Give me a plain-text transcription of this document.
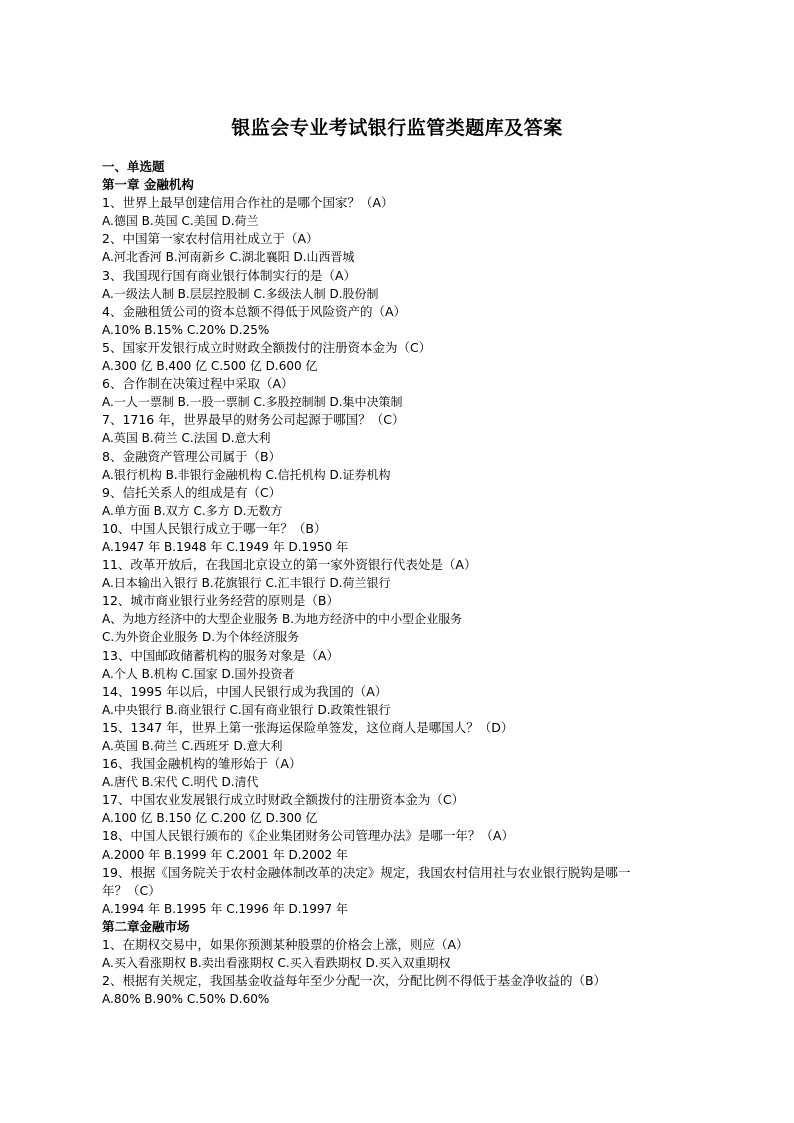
银监会专业考试银行监管类题库及答案
一、单选题
第一章 金融机构
1、世界上最早创建信用合作社的是哪个国家？（A）
A.德国 B.英国 C.美国 D.荷兰
2、中国第一家农村信用社成立于（A）
A.河北香河 B.河南新乡 C.湖北襄阳 D.山西晋城
3、我国现行国有商业银行体制实行的是（A）
A.一级法人制 B.层层控股制 C.多级法人制 D.股份制
4、金融租赁公司的资本总额不得低于风险资产的（A）
A.10% B.15% C.20% D.25%
5、国家开发银行成立时财政全额拨付的注册资本金为（C）
A.300 亿 B.400 亿 C.500 亿 D.600 亿
6、合作制在决策过程中采取（A）
A.一人一票制 B.一股一票制 C.多股控制制 D.集中决策制
7、1716 年，世界最早的财务公司起源于哪国？（C）
A.英国 B.荷兰 C.法国 D.意大利
8、金融资产管理公司属于（B）
A.银行机构 B.非银行金融机构 C.信托机构 D.证券机构
9、信托关系人的组成是有（C）
A.单方面 B.双方 C.多方 D.无数方
10、中国人民银行成立于哪一年？（B）
A.1947 年 B.1948 年 C.1949 年 D.1950 年
11、改革开放后，在我国北京设立的第一家外资银行代表处是（A）
A.日本输出入银行 B.花旗银行 C.汇丰银行 D.荷兰银行
12、城市商业银行业务经营的原则是（B）
A、为地方经济中的大型企业服务 B.为地方经济中的中小型企业服务
C.为外资企业服务 D.为个体经济服务
13、中国邮政储蓄机构的服务对象是（A）
A.个人 B.机构 C.国家 D.国外投资者
14、1995 年以后，中国人民银行成为我国的（A）
A.中央银行 B.商业银行 C.国有商业银行 D.政策性银行
15、1347 年，世界上第一张海运保险单签发，这位商人是哪国人？（D）
A.英国 B.荷兰 C.西班牙 D.意大利
16、我国金融机构的雏形始于（A）
A.唐代 B.宋代 C.明代 D.清代
17、中国农业发展银行成立时财政全额拨付的注册资本金为（C）
A.100 亿 B.150 亿 C.200 亿 D.300 亿
18、中国人民银行颁布的《企业集团财务公司管理办法》是哪一年？（A）
A.2000 年 B.1999 年 C.2001 年 D.2002 年
19、根据《国务院关于农村金融体制改革的决定》规定，我国农村信用社与农业银行脱钩是哪一
年？（C）
A.1994 年 B.1995 年 C.1996 年 D.1997 年
第二章金融市场
1、在期权交易中，如果你预测某种股票的价格会上涨，则应（A）
A.买入看涨期权 B.卖出看涨期权 C.买入看跌期权 D.买入双重期权
2、根据有关规定，我国基金收益每年至少分配一次，分配比例不得低于基金净收益的（B）
A.80% B.90% C.50% D.60%
